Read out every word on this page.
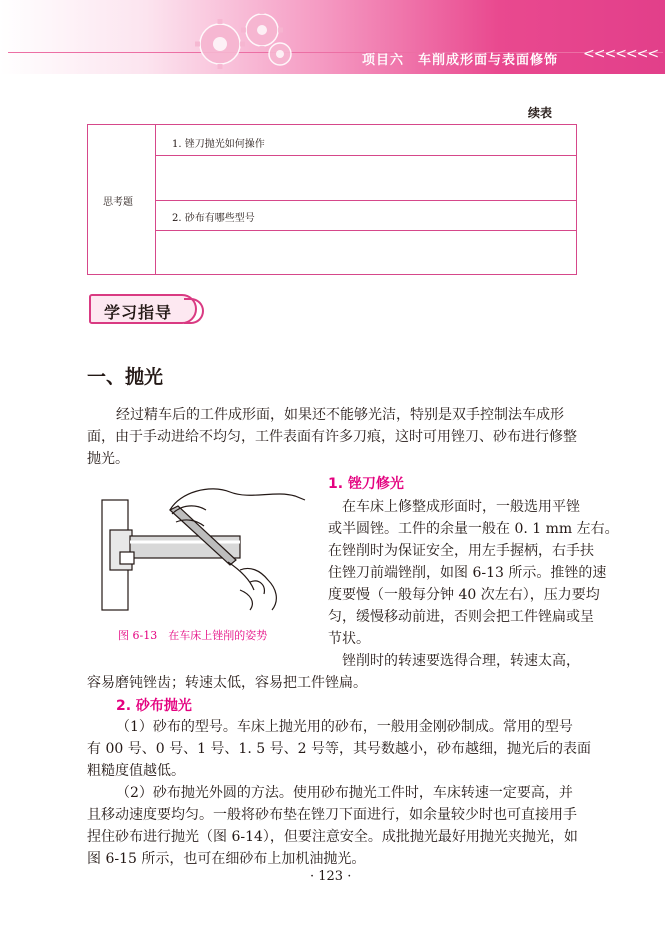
项目六　车削成形面与表面修饰 <<<<<<<
续表
思考题
1. 锉刀抛光如何操作
2. 砂布有哪些型号
学习指导
一、抛光
经过精车后的工件成形面，如果还不能够光洁，特别是双手控制法车成形
面，由于手动进给不均匀，工件表面有许多刀痕，这时可用锉刀、砂布进行修整
抛光。
1. 锉刀修光
在车床上修整成形面时，一般选用平锉
或半圆锉。工件的余量一般在 0. 1 mm 左右。
在锉削时为保证安全，用左手握柄，右手扶
住锉刀前端锉削，如图 6-13 所示。推锉的速
度要慢（一般每分钟 40 次左右），压力要均
匀，缓慢移动前进，否则会把工件锉扁或呈
节状。
图 6-13　在车床上锉削的姿势
锉削时的转速要选得合理，转速太高，
容易磨钝锉齿；转速太低，容易把工件锉扁。
2. 砂布抛光
（1）砂布的型号。车床上抛光用的砂布，一般用金刚砂制成。常用的型号
有 00 号、0 号、1 号、1. 5 号、2 号等，其号数越小，砂布越细，抛光后的表面
粗糙度值越低。
（2）砂布抛光外圆的方法。使用砂布抛光工件时，车床转速一定要高，并
且移动速度要均匀。一般将砂布垫在锉刀下面进行，如余量较少时也可直接用手
捏住砂布进行抛光（图 6-14），但要注意安全。成批抛光最好用抛光夹抛光，如
图 6-15 所示，也可在细砂布上加机油抛光。
· 123 ·
